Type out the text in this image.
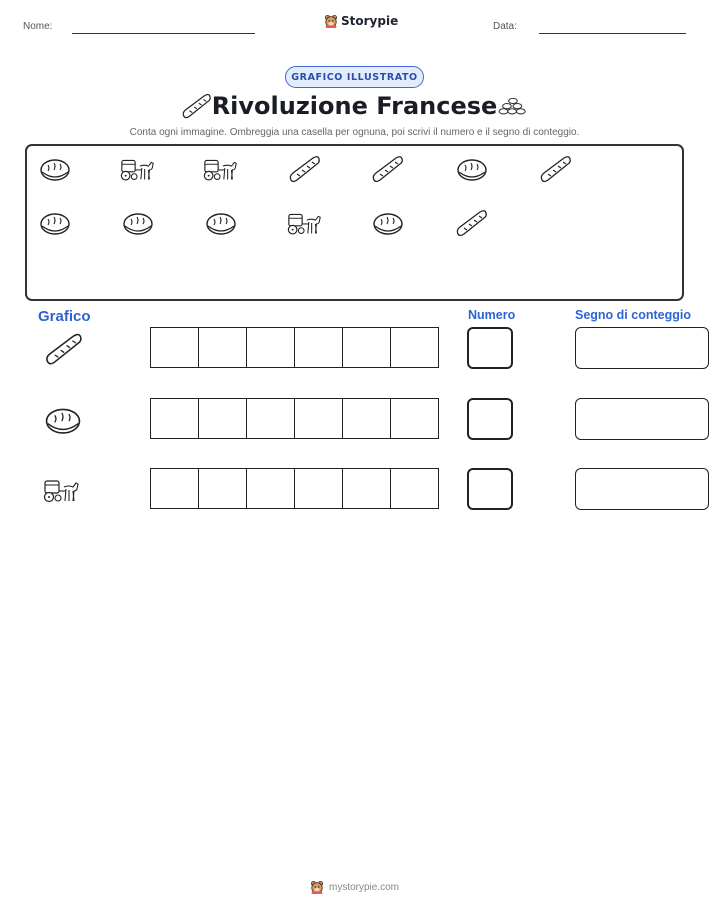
Nome:	Storypie	Data:
GRAFICO ILLUSTRATO
Rivoluzione Francese
Conta ogni immagine. Ombreggia una casella per ognuna, poi scrivi il numero e il segno di conteggio.
Grafico	Numero	Segno di conteggio
mystorypie.com
